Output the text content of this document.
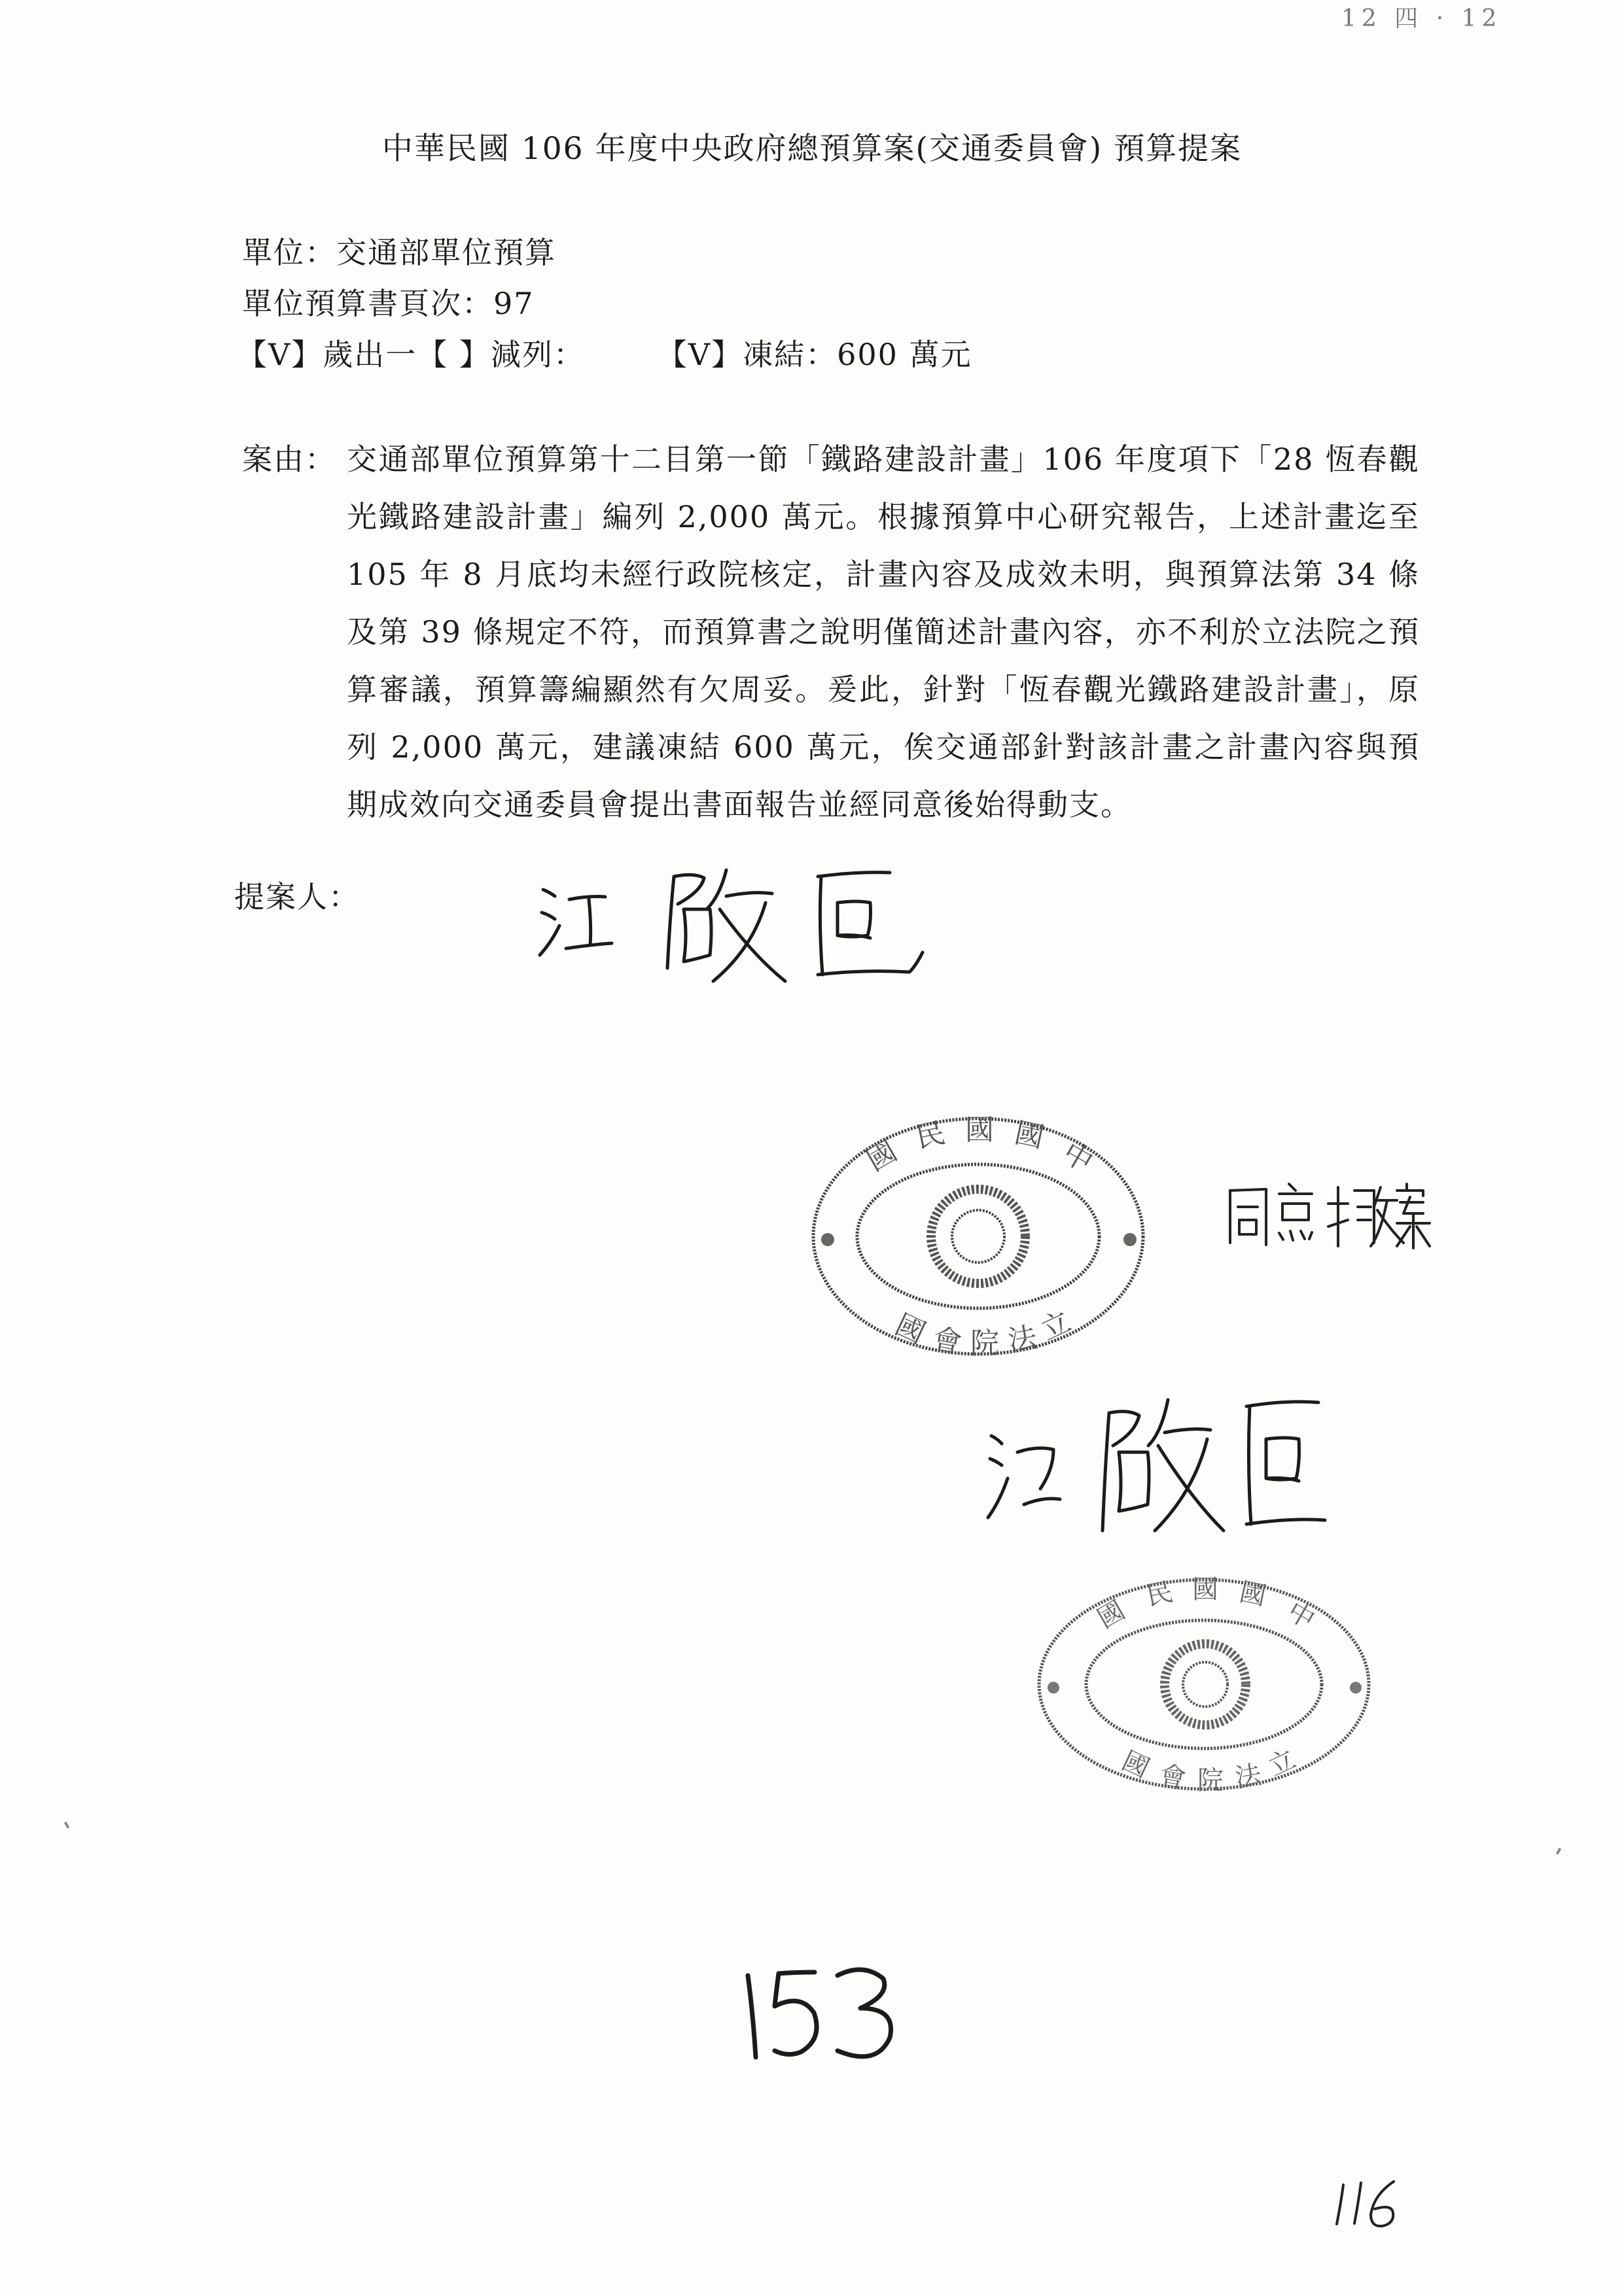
12 四 · 12
中華民國 106 年度中央政府總預算案(交通委員會) 預算提案
單位：交通部單位預算
單位預算書頁次：97
【V】歲出一【 】減列： 【V】凍結：600 萬元
案由： 交通部單位預算第十二目第一節「鐵路建設計畫」106 年度項下「28 恆春觀光鐵路建設計畫」編列 2,000 萬元。根據預算中心研究報告，上述計畫迄至 105 年 8 月底均未經行政院核定，計畫內容及成效未明，與預算法第 34 條及第 39 條規定不符，而預算書之說明僅簡述計畫內容，亦不利於立法院之預算審議，預算籌編顯然有欠周妥。爰此，針對「恆春觀光鐵路建設計畫」，原列 2,000 萬元，建議凍結 600 萬元，俟交通部針對該計畫之計畫內容與預期成效向交通委員會提出書面報告並經同意後始得動支。
提案人：
國 民 國 國
中
國 會 院 法
立
國
民 國 國
中
國 會 院 法 立
